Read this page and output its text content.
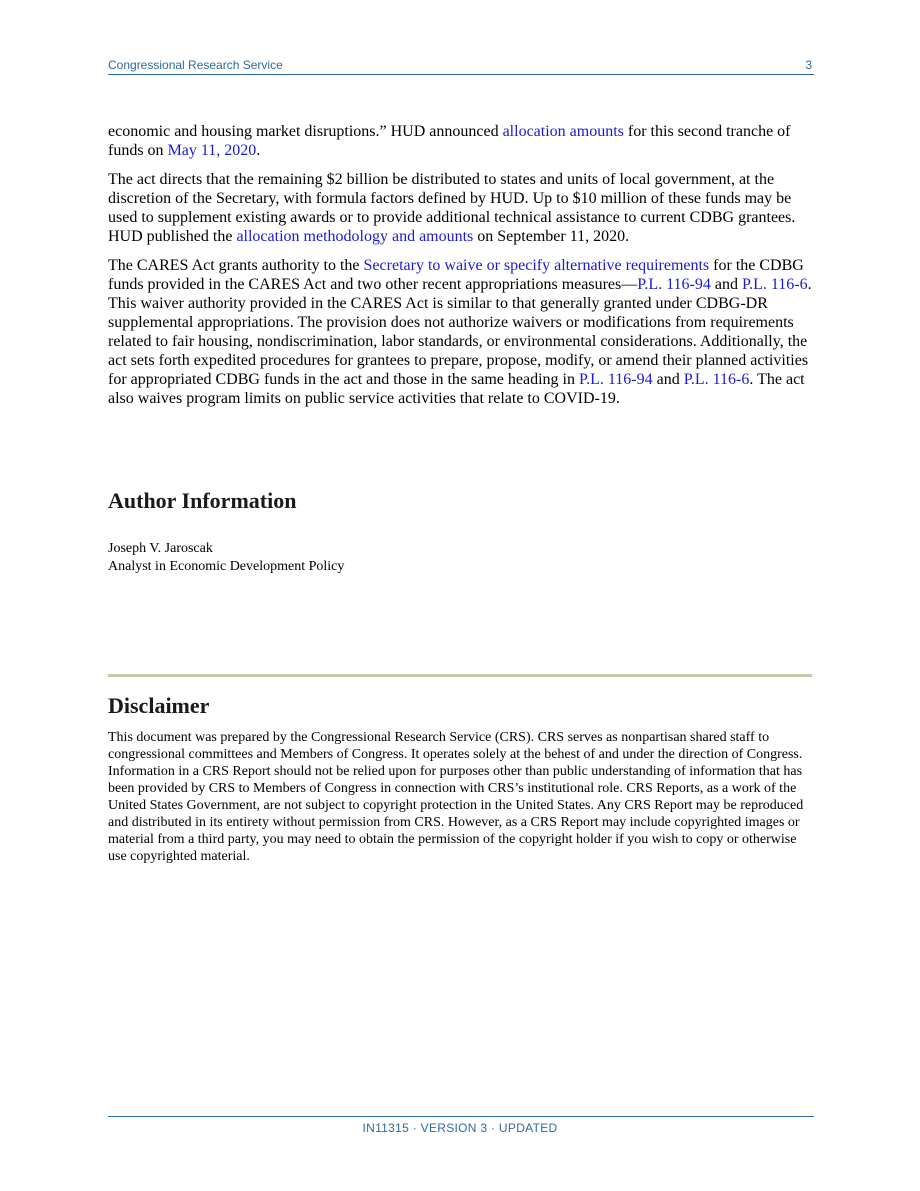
Congressional Research Service	3

economic and housing market disruptions.” HUD announced allocation amounts for this second tranche of funds on May 11, 2020.

The act directs that the remaining $2 billion be distributed to states and units of local government, at the discretion of the Secretary, with formula factors defined by HUD. Up to $10 million of these funds may be used to supplement existing awards or to provide additional technical assistance to current CDBG grantees. HUD published the allocation methodology and amounts on September 11, 2020.

The CARES Act grants authority to the Secretary to waive or specify alternative requirements for the CDBG funds provided in the CARES Act and two other recent appropriations measures—P.L. 116-94 and P.L. 116-6. This waiver authority provided in the CARES Act is similar to that generally granted under CDBG-DR supplemental appropriations. The provision does not authorize waivers or modifications from requirements related to fair housing, nondiscrimination, labor standards, or environmental considerations. Additionally, the act sets forth expedited procedures for grantees to prepare, propose, modify, or amend their planned activities for appropriated CDBG funds in the act and those in the same heading in P.L. 116-94 and P.L. 116-6. The act also waives program limits on public service activities that relate to COVID-19.

Author Information
Joseph V. Jaroscak
Analyst in Economic Development Policy
Disclaimer

This document was prepared by the Congressional Research Service (CRS). CRS serves as nonpartisan shared staff to congressional committees and Members of Congress. It operates solely at the behest of and under the direction of Congress. Information in a CRS Report should not be relied upon for purposes other than public understanding of information that has been provided by CRS to Members of Congress in connection with CRS’s institutional role. CRS Reports, as a work of the United States Government, are not subject to copyright protection in the United States. Any CRS Report may be reproduced and distributed in its entirety without permission from CRS. However, as a CRS Report may include copyrighted images or material from a third party, you may need to obtain the permission of the copyright holder if you wish to copy or otherwise use copyrighted material.

IN11315 · VERSION 3 · UPDATED
